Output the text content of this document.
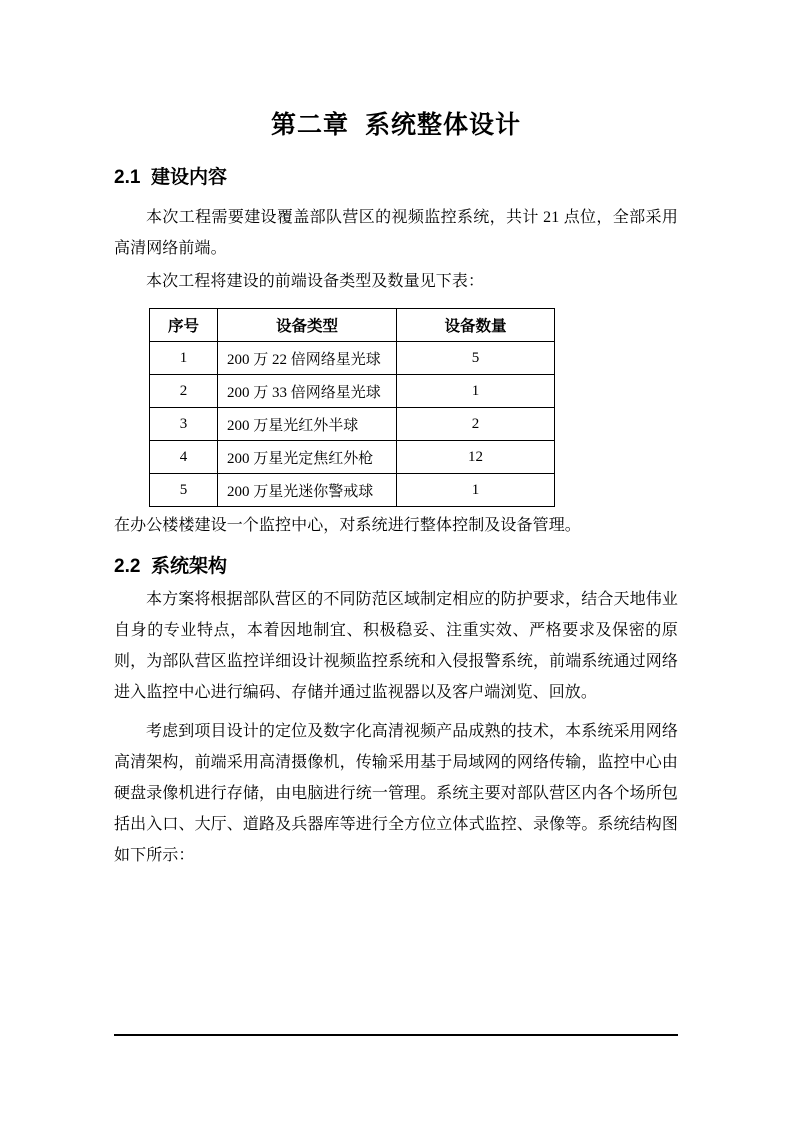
第二章  系统整体设计
2.1  建设内容

本次工程需要建设覆盖部队营区的视频监控系统，共计 21 点位，全部采用高清网络前端。

本次工程将建设的前端设备类型及数量见下表：

序号	设备类型	设备数量
1	200 万 22 倍网络星光球	5
2	200 万 33 倍网络星光球	1
3	200 万星光红外半球	2
4	200 万星光定焦红外枪	12
5	200 万星光迷你警戒球	1

在办公楼楼建设一个监控中心，对系统进行整体控制及设备管理。

2.2  系统架构

本方案将根据部队营区的不同防范区域制定相应的防护要求，结合天地伟业自身的专业特点，本着因地制宜、积极稳妥、注重实效、严格要求及保密的原则，为部队营区监控详细设计视频监控系统和入侵报警系统，前端系统通过网络进入监控中心进行编码、存储并通过监视器以及客户端浏览、回放。

考虑到项目设计的定位及数字化高清视频产品成熟的技术，本系统采用网络高清架构，前端采用高清摄像机，传输采用基于局域网的网络传输，监控中心由硬盘录像机进行存储，由电脑进行统一管理。系统主要对部队营区内各个场所包括出入口、大厅、道路及兵器库等进行全方位立体式监控、录像等。系统结构图如下所示：
